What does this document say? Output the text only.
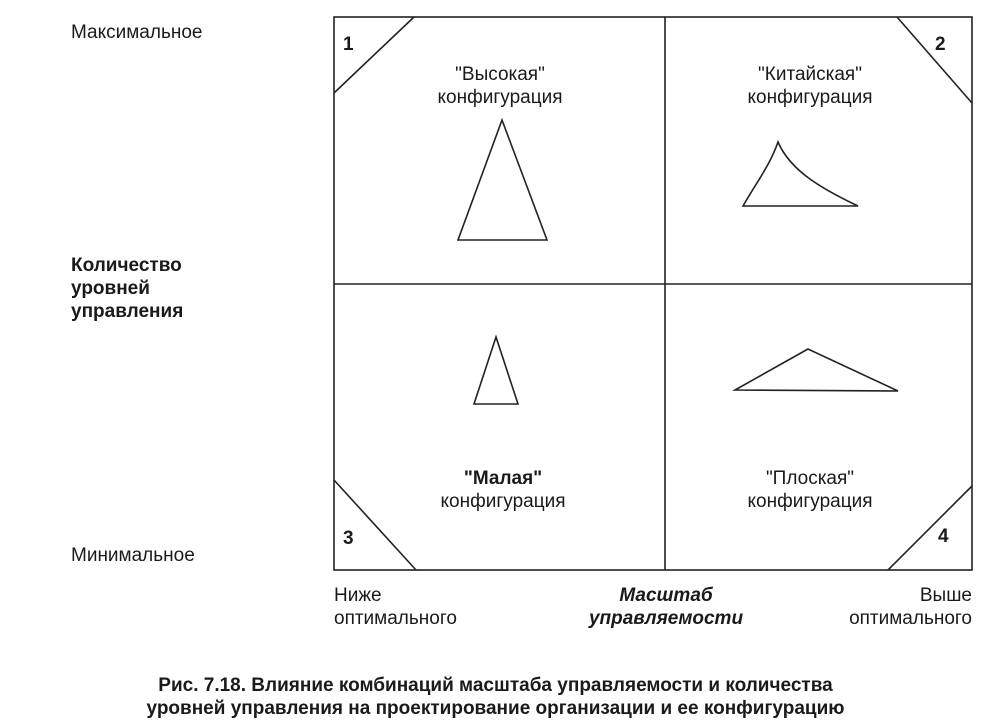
Максимальное
Количество
уровней
управления
Минимальное
1	2
3	4
"Высокая"
конфигурация
"Китайская"
конфигурация
"Малая"
конфигурация
"Плоская"
конфигурация
Ниже
оптимального
Масштаб
управляемости
Выше
оптимального
Рис. 7.18. Влияние комбинаций масштаба управляемости и количества
уровней управления на проектирование организации и ее конфигурацию
